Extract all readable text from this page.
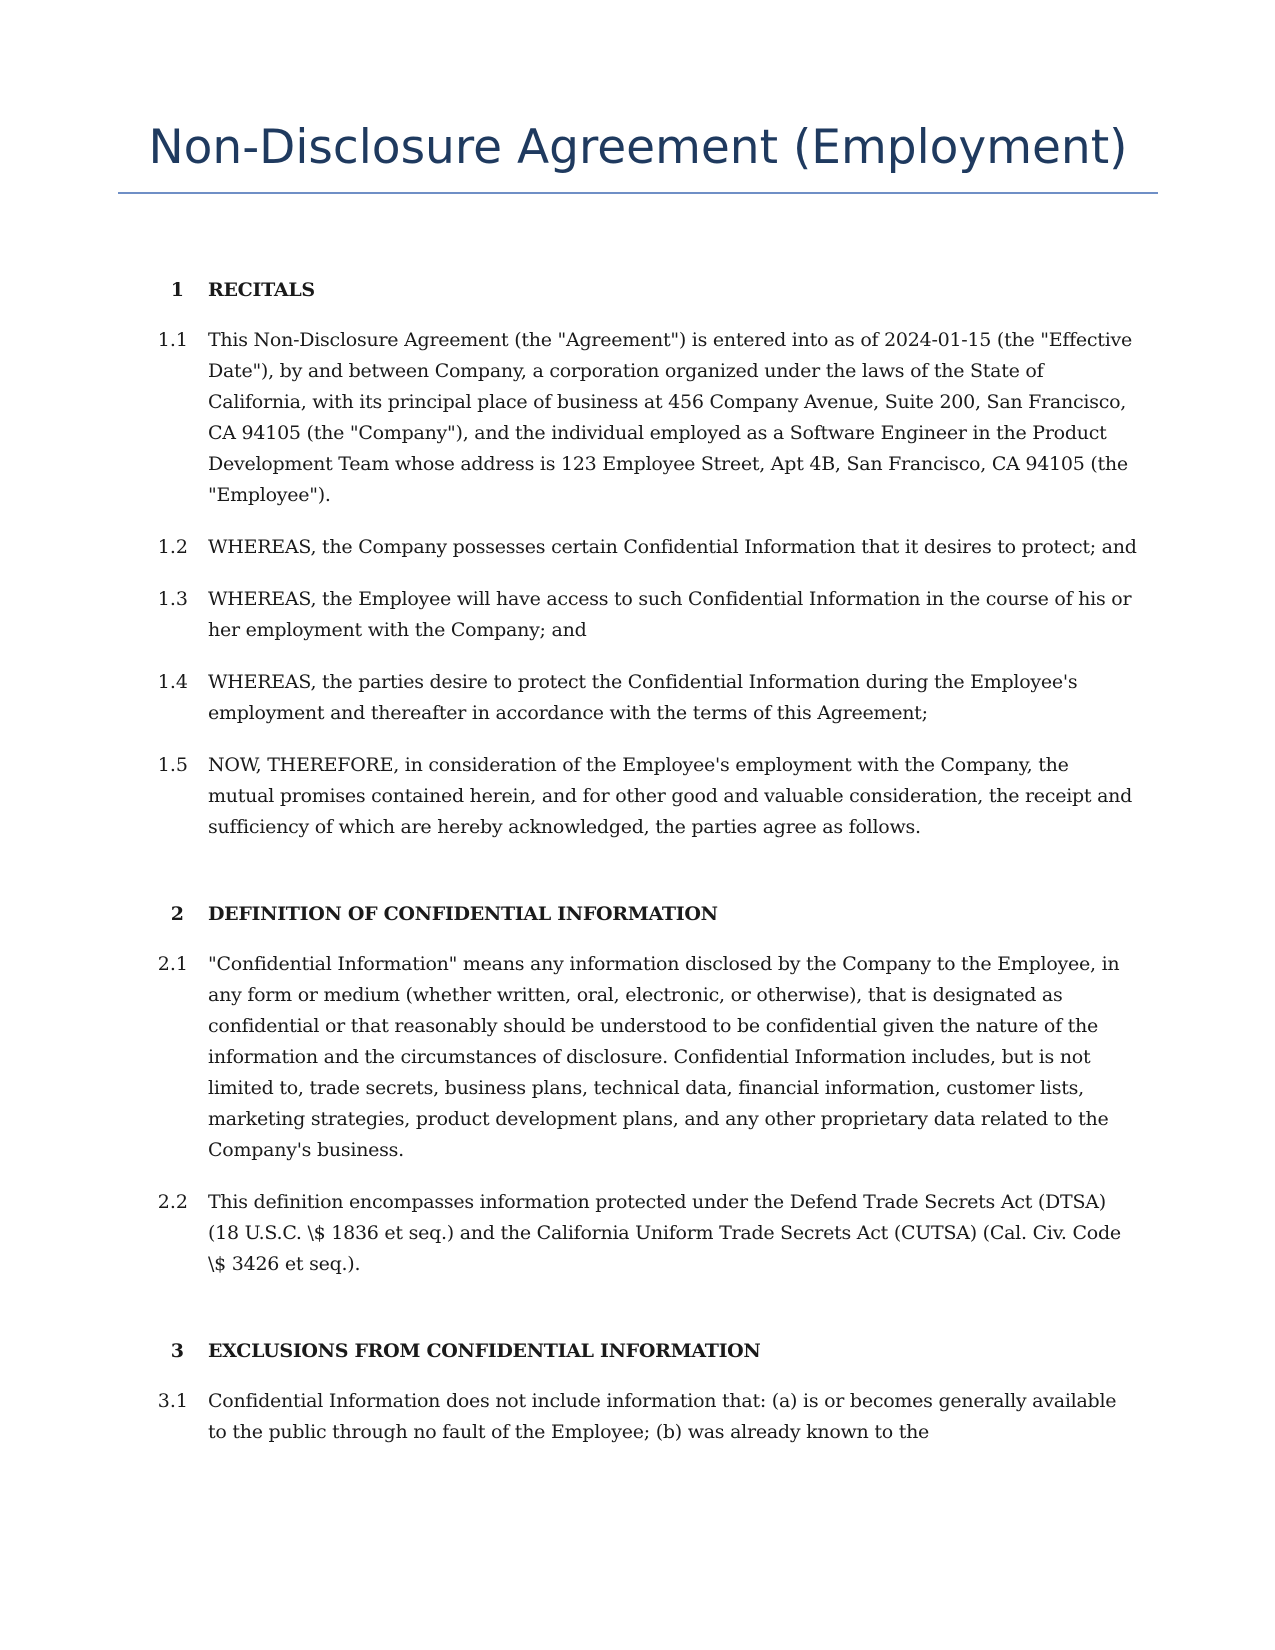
Non-Disclosure Agreement (Employment)
1 RECITALS
1.1 This Non-Disclosure Agreement (the "Agreement") is entered into as of 2024-01-15 (the "Effective Date"), by and between Company, a corporation organized under the laws of the State of California, with its principal place of business at 456 Company Avenue, Suite 200, San Francisco, CA 94105 (the "Company"), and the individual employed as a Software Engineer in the Product Development Team whose address is 123 Employee Street, Apt 4B, San Francisco, CA 94105 (the "Employee").
1.2 WHEREAS, the Company possesses certain Confidential Information that it desires to protect; and
1.3 WHEREAS, the Employee will have access to such Confidential Information in the course of his or her employment with the Company; and
1.4 WHEREAS, the parties desire to protect the Confidential Information during the Employee's employment and thereafter in accordance with the terms of this Agreement;
1.5 NOW, THEREFORE, in consideration of the Employee's employment with the Company, the mutual promises contained herein, and for other good and valuable consideration, the receipt and sufficiency of which are hereby acknowledged, the parties agree as follows.
2 DEFINITION OF CONFIDENTIAL INFORMATION
2.1 "Confidential Information" means any information disclosed by the Company to the Employee, in any form or medium (whether written, oral, electronic, or otherwise), that is designated as confidential or that reasonably should be understood to be confidential given the nature of the information and the circumstances of disclosure. Confidential Information includes, but is not limited to, trade secrets, business plans, technical data, financial information, customer lists, marketing strategies, product development plans, and any other proprietary data related to the Company's business.
2.2 This definition encompasses information protected under the Defend Trade Secrets Act (DTSA) (18 U.S.C. \$ 1836 et seq.) and the California Uniform Trade Secrets Act (CUTSA) (Cal. Civ. Code \$ 3426 et seq.).
3 EXCLUSIONS FROM CONFIDENTIAL INFORMATION
3.1 Confidential Information does not include information that: (a) is or becomes generally available to the public through no fault of the Employee; (b) was already known to the
